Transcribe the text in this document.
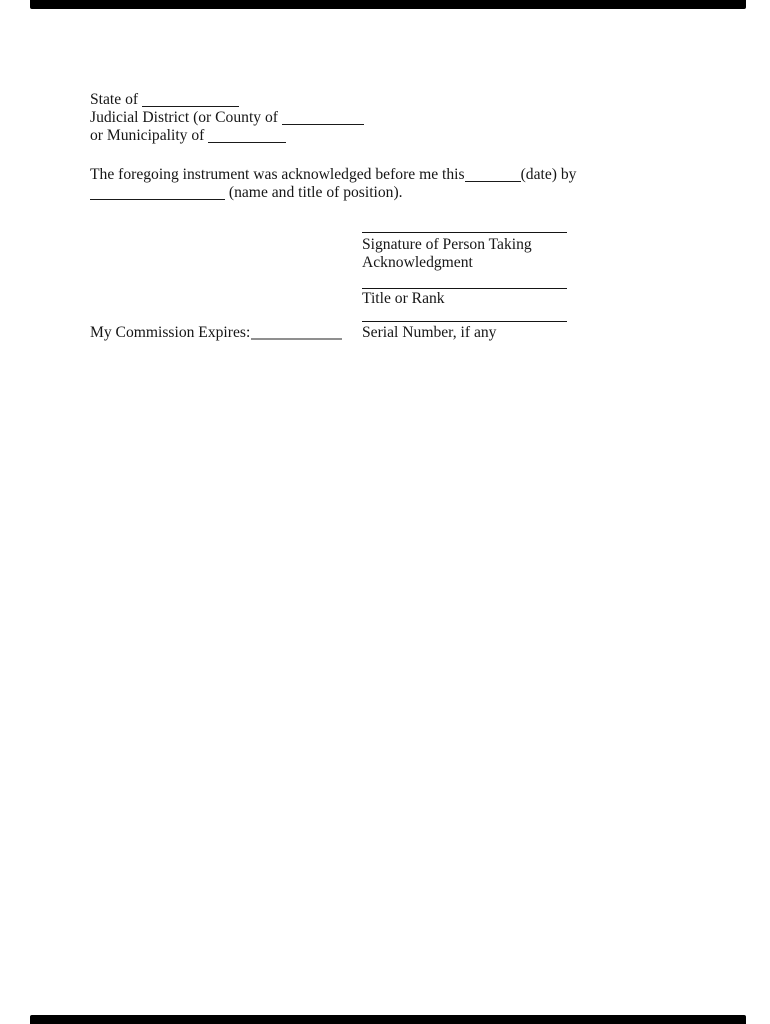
State of
Judicial District (or County of
or Municipality of
The foregoing instrument was acknowledged before me this	(date) by
(name and title of position).
Signature of Person Taking
Acknowledgment
Title or Rank
Serial Number, if any
My Commission Expires:
